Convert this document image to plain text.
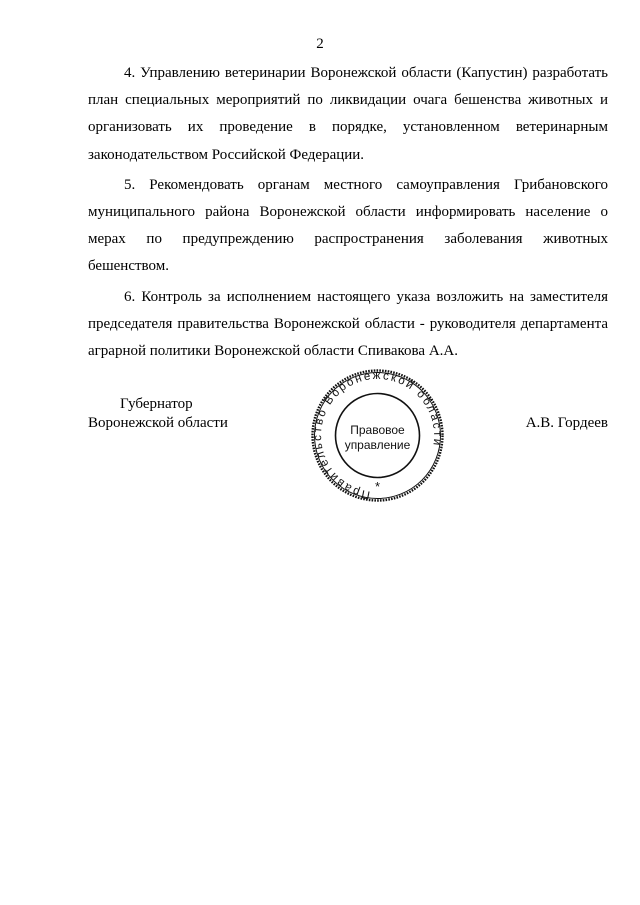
2

4. Управлению ветеринарии Воронежской области (Капустин) разработать план специальных мероприятий по ликвидации очага бешенства животных и организовать их проведение в порядке, установленном ветеринарным законодательством Российской Федерации.

5. Рекомендовать органам местного самоуправления Грибановского муниципального района Воронежской области информировать население о мерах по предупреждению распространения заболевания животных бешенством.

6. Контроль за исполнением настоящего указа возложить на заместителя председателя правительства Воронежской области - руководителя департамента аграрной политики Воронежской области Спивакова А.А.

Губернатор
Воронежской области	А.В. Гордеев
Правительство Воронежской области
Правовое
управление
*
